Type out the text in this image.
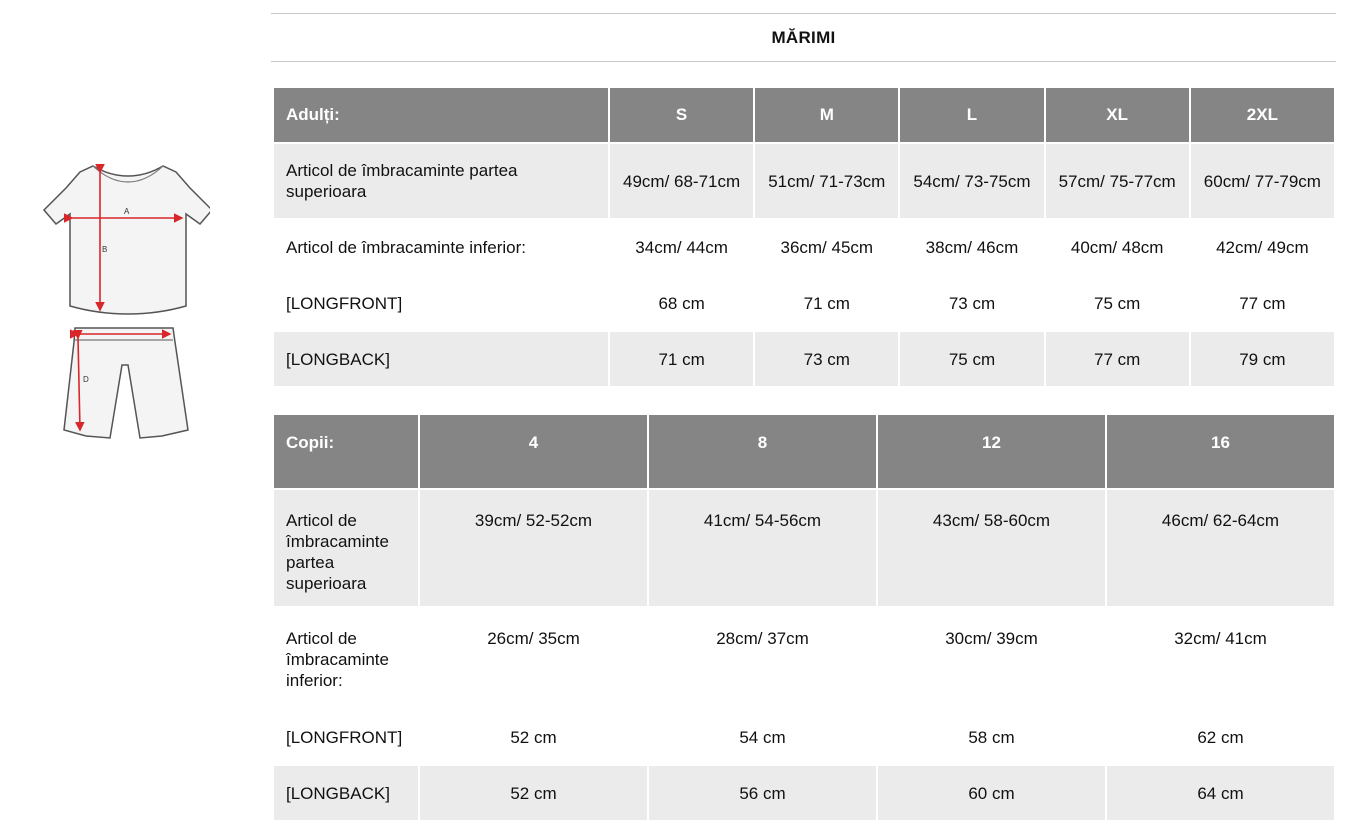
A
B
D
MĂRIMI
Adulți:	S	M	L	XL	2XL
Articol de îmbracaminte partea superioara	49cm/ 68-71cm	51cm/ 71-73cm	54cm/ 73-75cm	57cm/ 75-77cm	60cm/ 77-79cm
Articol de îmbracaminte inferior:	34cm/ 44cm	36cm/ 45cm	38cm/ 46cm	40cm/ 48cm	42cm/ 49cm
[LONGFRONT]	68 cm	71 cm	73 cm	75 cm	77 cm
[LONGBACK]	71 cm	73 cm	75 cm	77 cm	79 cm
Copii:	4	8	12	16
Articol de îmbracaminte partea superioara	39cm/ 52-52cm	41cm/ 54-56cm	43cm/ 58-60cm	46cm/ 62-64cm
Articol de îmbracaminte inferior:	26cm/ 35cm	28cm/ 37cm	30cm/ 39cm	32cm/ 41cm
[LONGFRONT]	52 cm	54 cm	58 cm	62 cm
[LONGBACK]	52 cm	56 cm	60 cm	64 cm
